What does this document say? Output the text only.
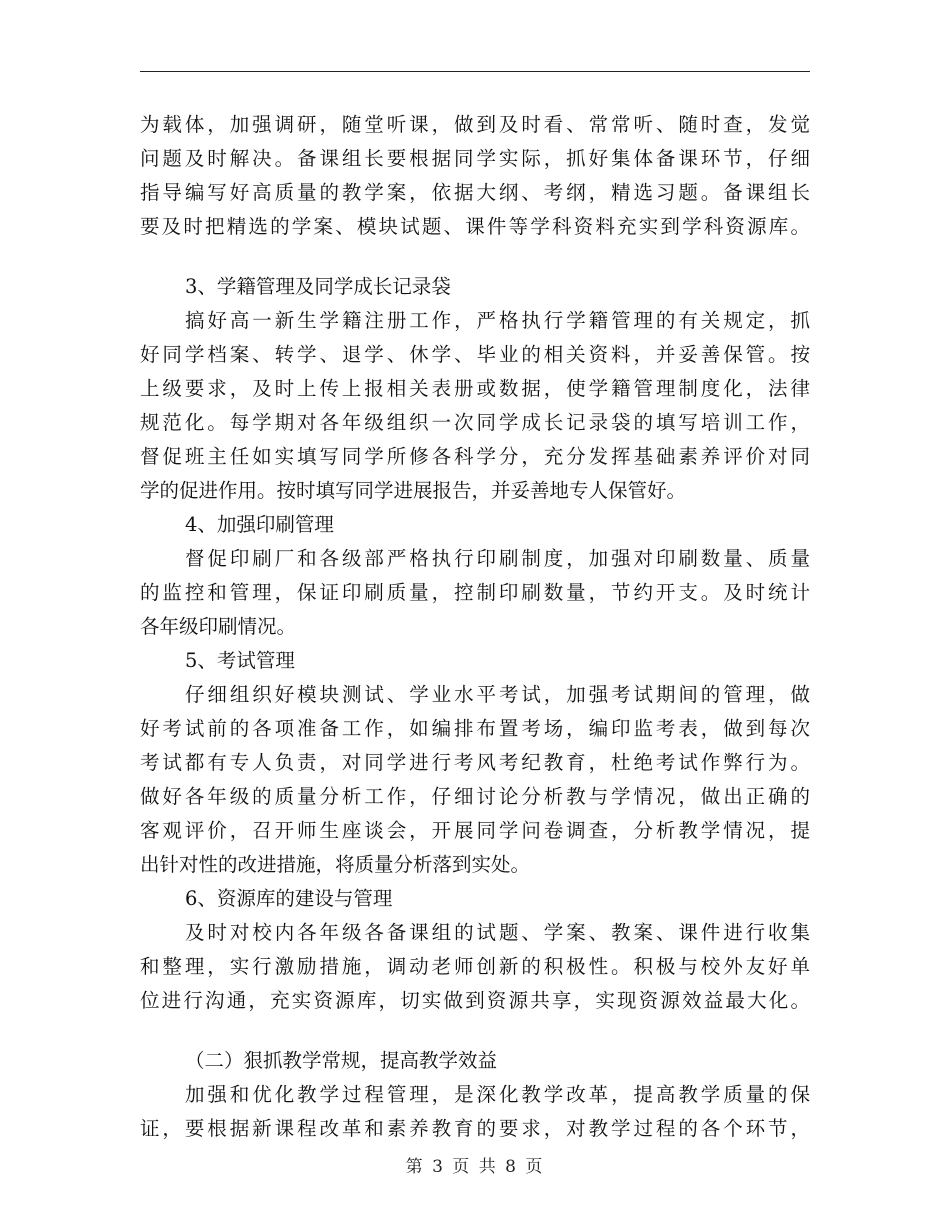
为载体，加强调研，随堂听课，做到及时看、常常听、随时查，发觉
问题及时解决。备课组长要根据同学实际，抓好集体备课环节，仔细
指导编写好高质量的教学案，依据大纲、考纲，精选习题。备课组长
要及时把精选的学案、模块试题、课件等学科资料充实到学科资源库。
3、学籍管理及同学成长记录袋
搞好高一新生学籍注册工作，严格执行学籍管理的有关规定，抓
好同学档案、转学、退学、休学、毕业的相关资料，并妥善保管。按
上级要求，及时上传上报相关表册或数据，使学籍管理制度化，法律
规范化。每学期对各年级组织一次同学成长记录袋的填写培训工作，
督促班主任如实填写同学所修各科学分，充分发挥基础素养评价对同
学的促进作用。按时填写同学进展报告，并妥善地专人保管好。
4、加强印刷管理
督促印刷厂和各级部严格执行印刷制度，加强对印刷数量、质量
的监控和管理，保证印刷质量，控制印刷数量，节约开支。及时统计
各年级印刷情况。
5、考试管理
仔细组织好模块测试、学业水平考试，加强考试期间的管理，做
好考试前的各项准备工作，如编排布置考场，编印监考表，做到每次
考试都有专人负责，对同学进行考风考纪教育，杜绝考试作弊行为。
做好各年级的质量分析工作，仔细讨论分析教与学情况，做出正确的
客观评价，召开师生座谈会，开展同学问卷调查，分析教学情况，提
出针对性的改进措施，将质量分析落到实处。
6、资源库的建设与管理
及时对校内各年级各备课组的试题、学案、教案、课件进行收集
和整理，实行激励措施，调动老师创新的积极性。积极与校外友好单
位进行沟通，充实资源库，切实做到资源共享，实现资源效益最大化。
（二）狠抓教学常规，提高教学效益
加强和优化教学过程管理，是深化教学改革，提高教学质量的保
证，要根据新课程改革和素养教育的要求，对教学过程的各个环节，
第 3 页 共 8 页
